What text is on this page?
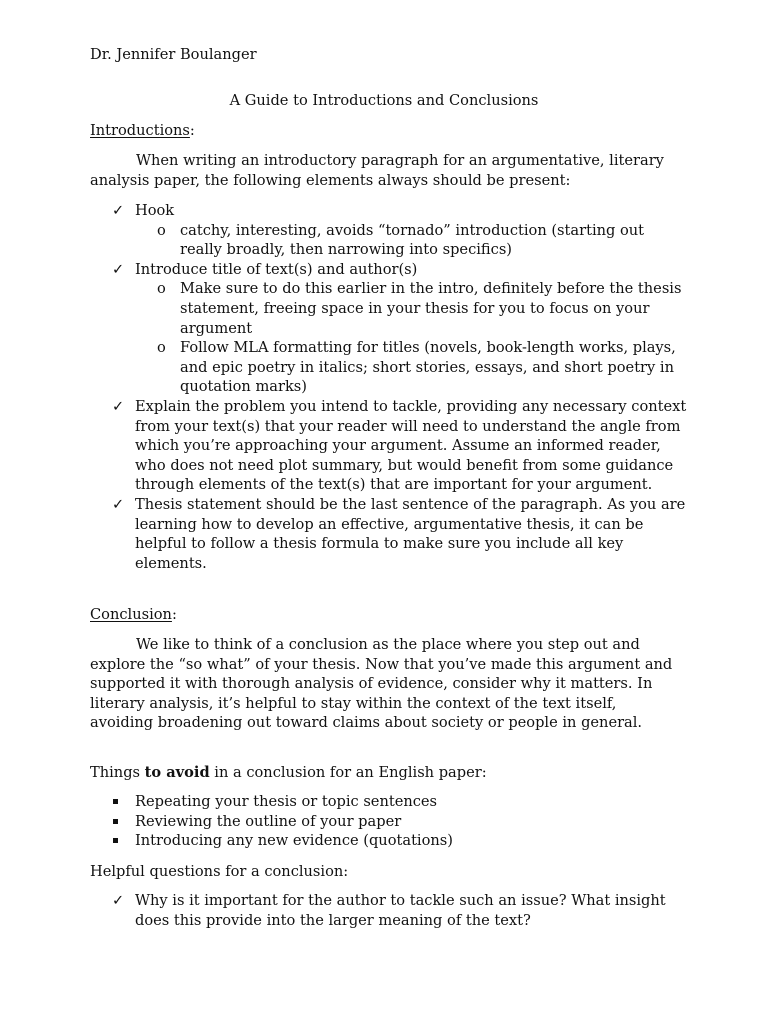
Dr. Jennifer Boulanger
A Guide to Introductions and Conclusions
Introductions:
When writing an introductory paragraph for an argumentative, literary analysis paper, the following elements always should be present:
✓ Hook
o catchy, interesting, avoids “tornado” introduction (starting out really broadly, then narrowing into specifics)
✓ Introduce title of text(s) and author(s)
o Make sure to do this earlier in the intro, definitely before the thesis statement, freeing space in your thesis for you to focus on your argument
o Follow MLA formatting for titles (novels, book-length works, plays, and epic poetry in italics; short stories, essays, and short poetry in quotation marks)
✓ Explain the problem you intend to tackle, providing any necessary context from your text(s) that your reader will need to understand the angle from which you’re approaching your argument. Assume an informed reader, who does not need plot summary, but would benefit from some guidance through elements of the text(s) that are important for your argument.
✓ Thesis statement should be the last sentence of the paragraph. As you are learning how to develop an effective, argumentative thesis, it can be helpful to follow a thesis formula to make sure you include all key elements.
Conclusion:
We like to think of a conclusion as the place where you step out and explore the “so what” of your thesis. Now that you’ve made this argument and supported it with thorough analysis of evidence, consider why it matters. In literary analysis, it’s helpful to stay within the context of the text itself, avoiding broadening out toward claims about society or people in general.
Things to avoid in a conclusion for an English paper:
Repeating your thesis or topic sentences
Reviewing the outline of your paper
Introducing any new evidence (quotations)
Helpful questions for a conclusion:
✓ Why is it important for the author to tackle such an issue? What insight does this provide into the larger meaning of the text?
